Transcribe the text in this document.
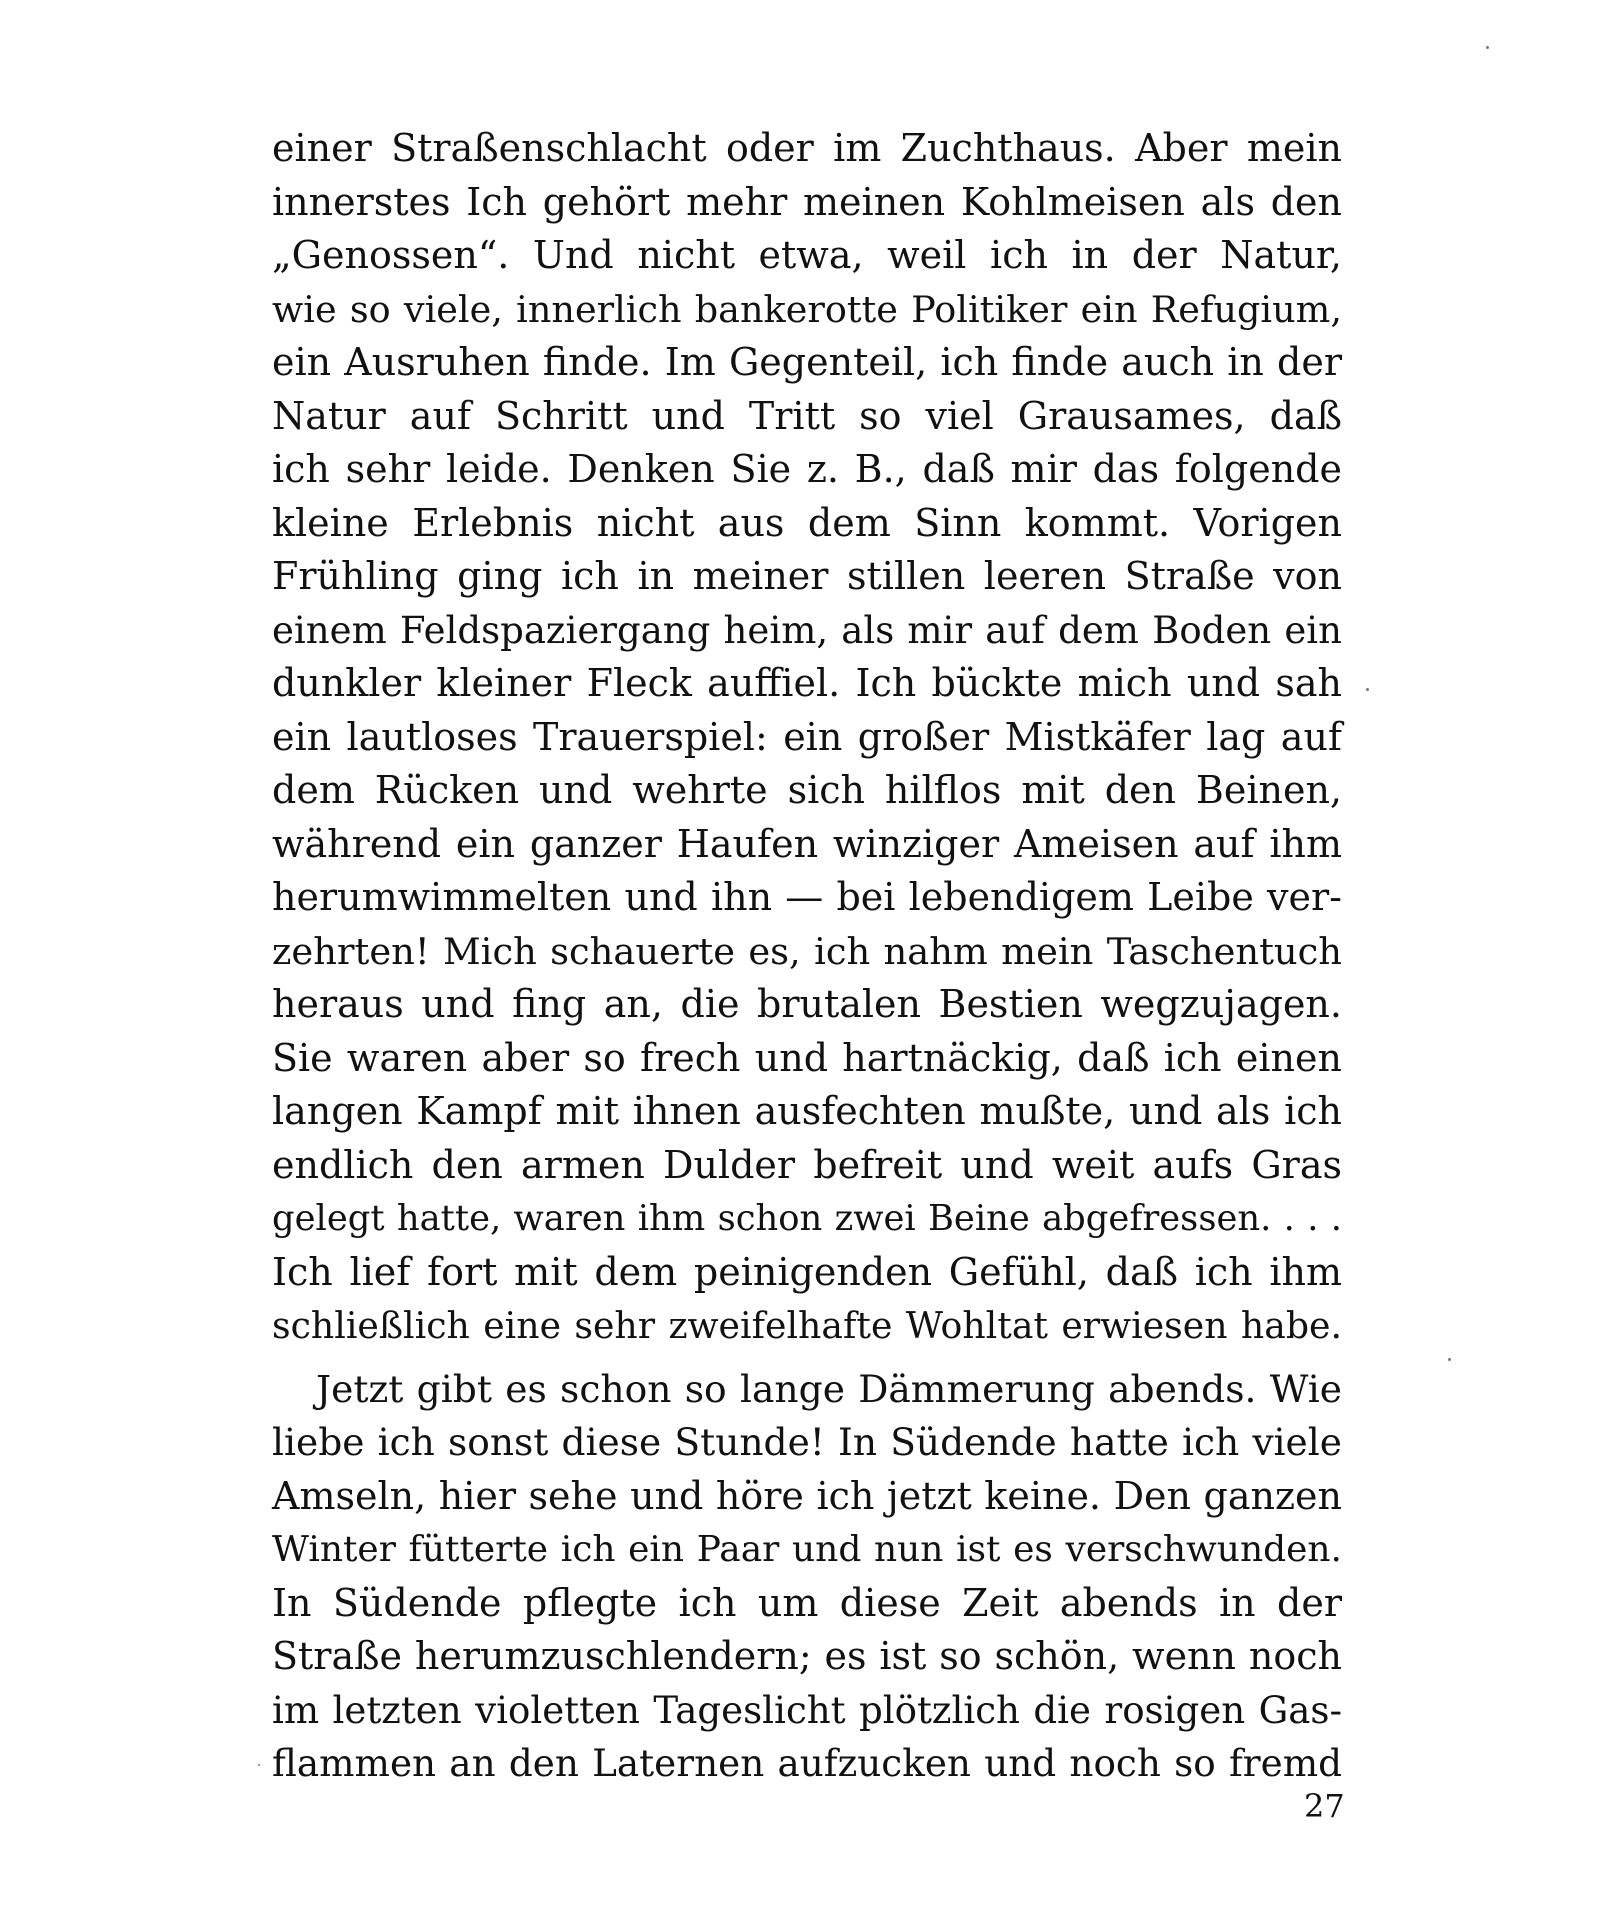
einer Straßenschlacht oder im Zuchthaus. Aber mein
innerstes Ich gehört mehr meinen Kohlmeisen als den
„Genossen“. Und nicht etwa, weil ich in der Natur,
wie so viele, innerlich bankerotte Politiker ein Refugium,
ein Ausruhen finde. Im Gegenteil, ich finde auch in der
Natur auf Schritt und Tritt so viel Grausames, daß
ich sehr leide. Denken Sie z. B., daß mir das folgende
kleine Erlebnis nicht aus dem Sinn kommt. Vorigen
Frühling ging ich in meiner stillen leeren Straße von
einem Feldspaziergang heim, als mir auf dem Boden ein
dunkler kleiner Fleck auffiel. Ich bückte mich und sah
ein lautloses Trauerspiel: ein großer Mistkäfer lag auf
dem Rücken und wehrte sich hilflos mit den Beinen,
während ein ganzer Haufen winziger Ameisen auf ihm
herumwimmelten und ihn — bei lebendigem Leibe ver-
zehrten! Mich schauerte es, ich nahm mein Taschentuch
heraus und fing an, die brutalen Bestien wegzujagen.
Sie waren aber so frech und hartnäckig, daß ich einen
langen Kampf mit ihnen ausfechten mußte, und als ich
endlich den armen Dulder befreit und weit aufs Gras
gelegt hatte, waren ihm schon zwei Beine abgefressen. . . .
Ich lief fort mit dem peinigenden Gefühl, daß ich ihm
schließlich eine sehr zweifelhafte Wohltat erwiesen habe.

Jetzt gibt es schon so lange Dämmerung abends. Wie
liebe ich sonst diese Stunde! In Südende hatte ich viele
Amseln, hier sehe und höre ich jetzt keine. Den ganzen
Winter fütterte ich ein Paar und nun ist es verschwunden.
In Südende pflegte ich um diese Zeit abends in der
Straße herumzuschlendern; es ist so schön, wenn noch
im letzten violetten Tageslicht plötzlich die rosigen Gas-
flammen an den Laternen aufzucken und noch so fremd

27
